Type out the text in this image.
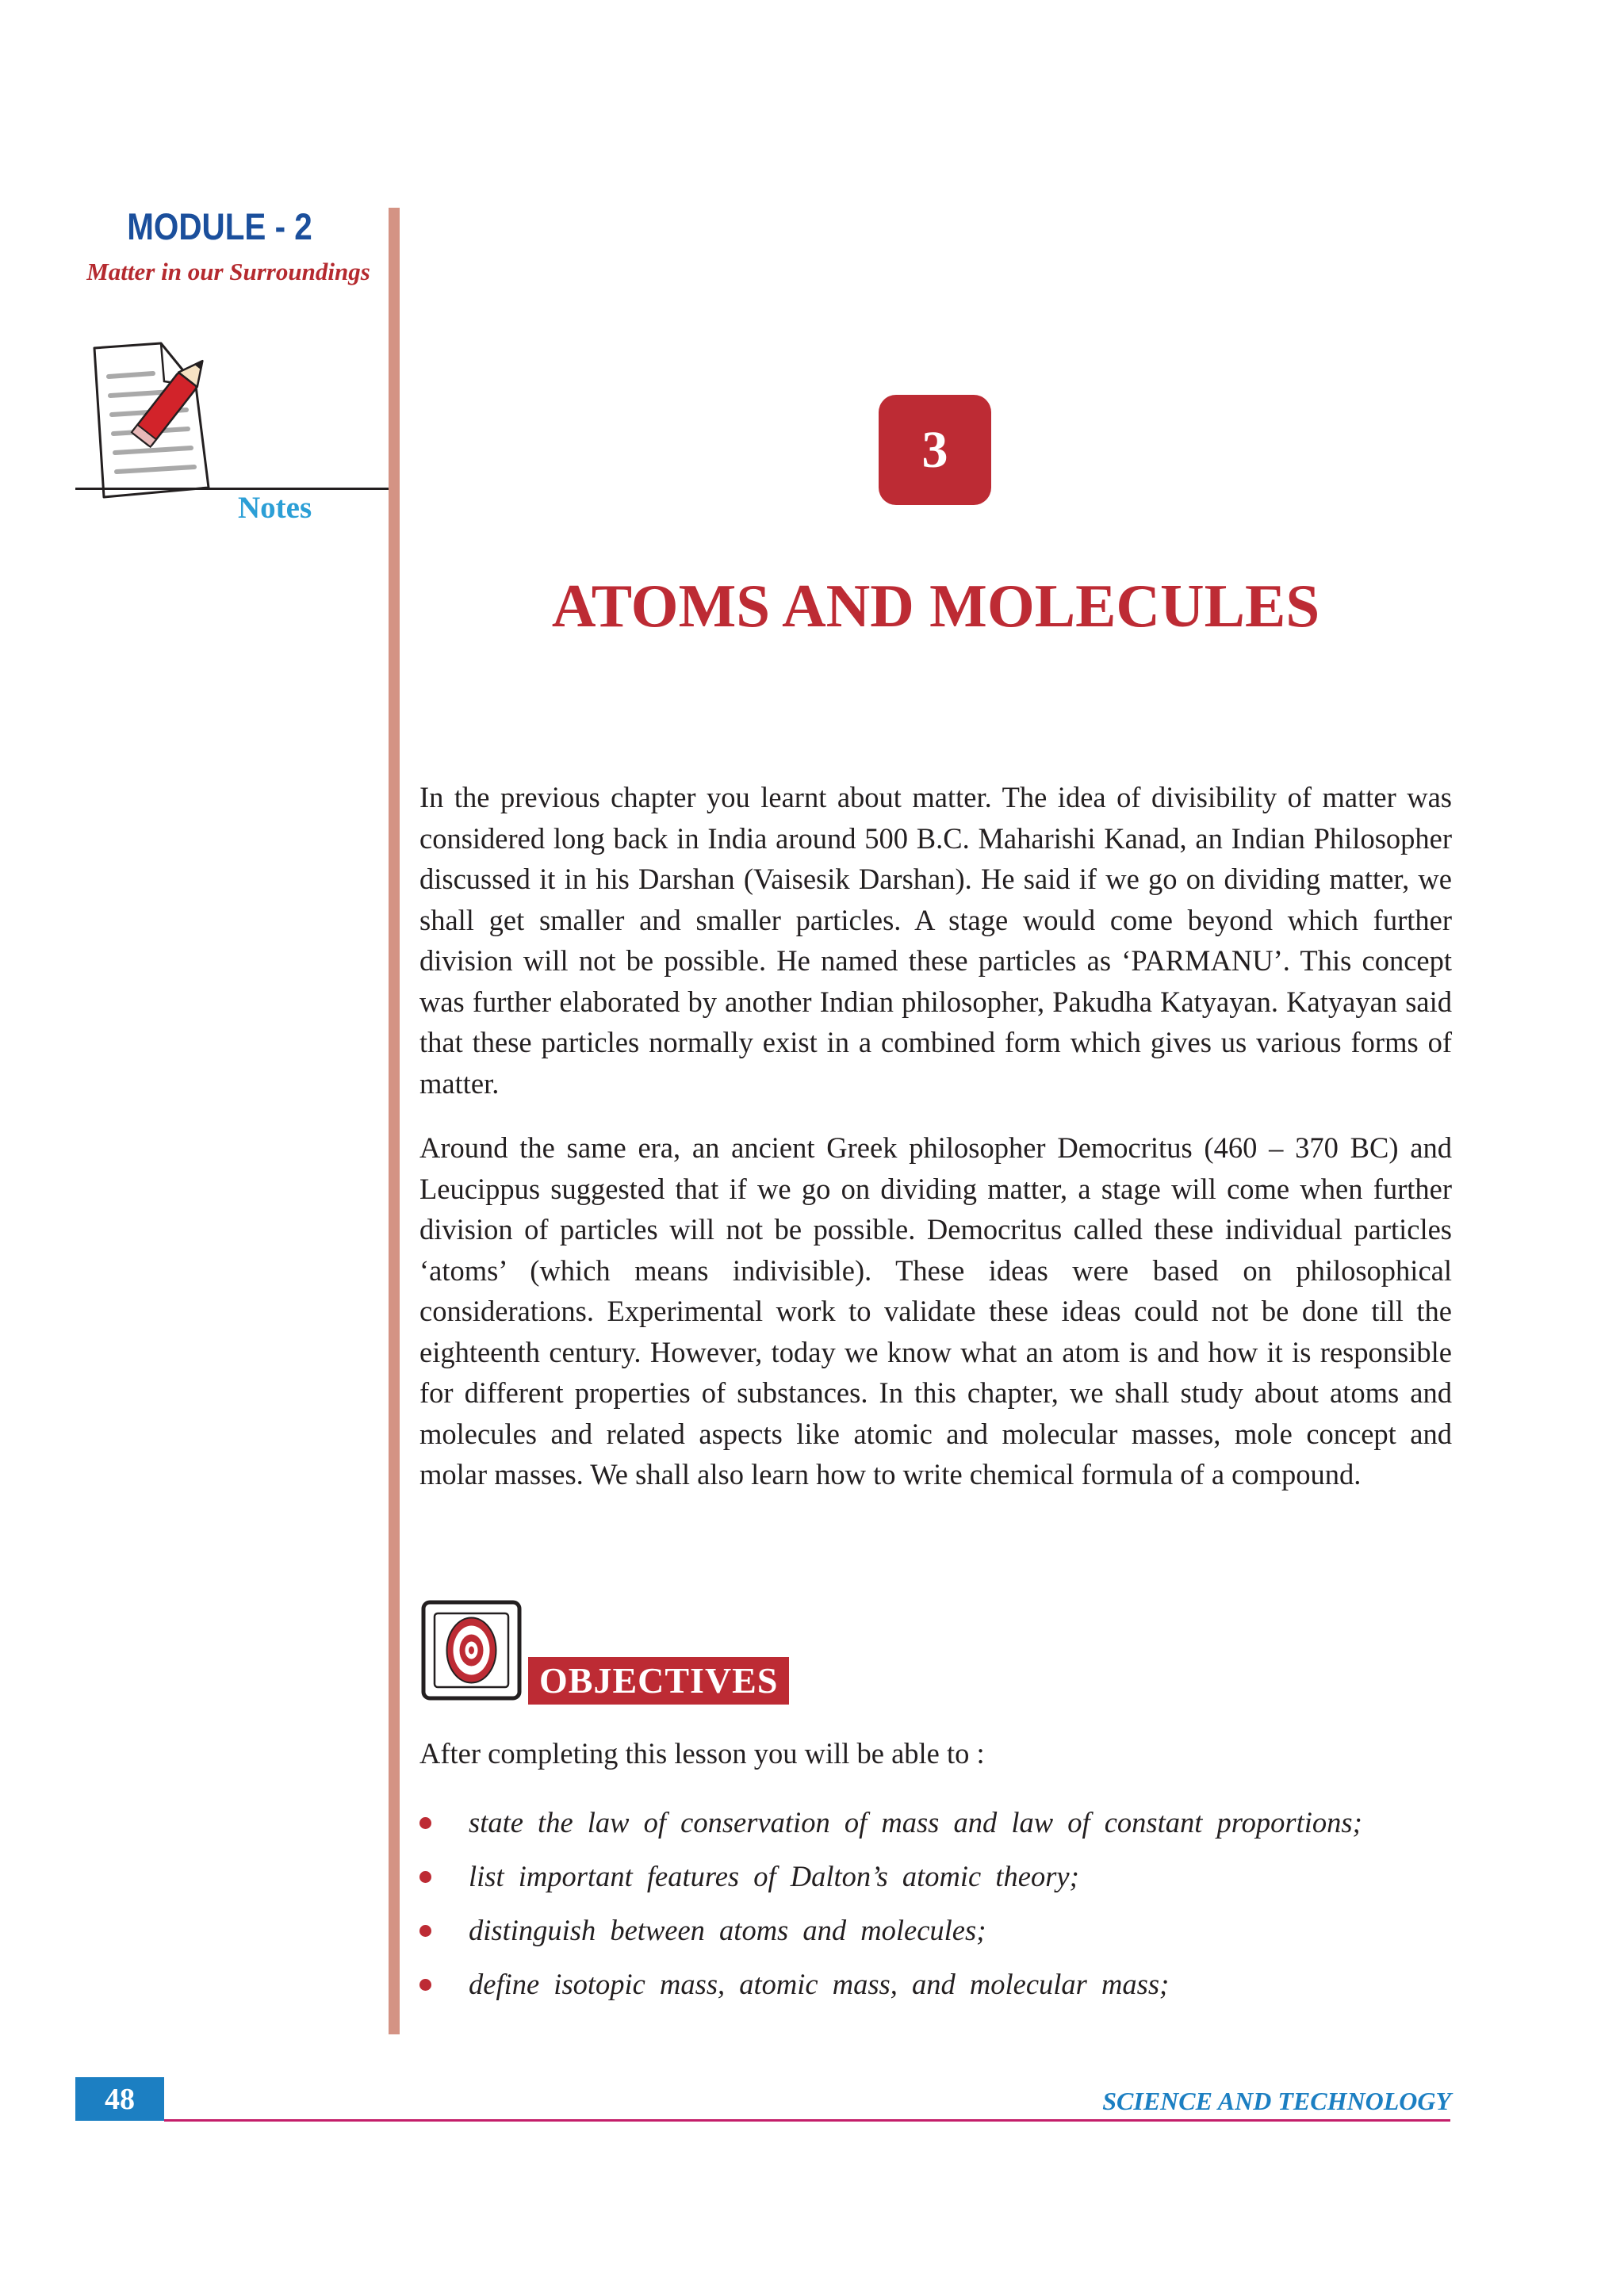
MODULE - 2
Matter in our Surroundings
Notes
3
ATOMS AND MOLECULES

In the previous chapter you learnt about matter. The idea of divisibility of matter was considered long back in India around 500 B.C. Maharishi Kanad, an Indian Philosopher discussed it in his Darshan (Vaisesik Darshan). He said if we go on dividing matter, we shall get smaller and smaller particles. A stage would come beyond which further division will not be possible. He named these particles as ‘PARMANU’. This concept was further elaborated by another Indian philosopher, Pakudha Katyayan. Katyayan said that these particles normally exist in a combined form which gives us various forms of matter.

Around the same era, an ancient Greek philosopher Democritus (460 – 370 BC) and Leucippus suggested that if we go on dividing matter, a stage will come when further division of particles will not be possible. Democritus called these individual particles ‘atoms’ (which means indivisible). These ideas were based on philosophical considerations. Experimental work to validate these ideas could not be done till the eighteenth century. However, today we know what an atom is and how it is responsible for different properties of substances. In this chapter, we shall study about atoms and molecules and related aspects like atomic and molecular masses, mole concept and molar masses. We shall also learn how to write chemical formula of a compound.

OBJECTIVES
After completing this lesson you will be able to :
state the law of conservation of mass and law of constant proportions;
list important features of Dalton’s atomic theory;
distinguish between atoms and molecules;
define isotopic mass, atomic mass, and molecular mass;
48	SCIENCE AND TECHNOLOGY
